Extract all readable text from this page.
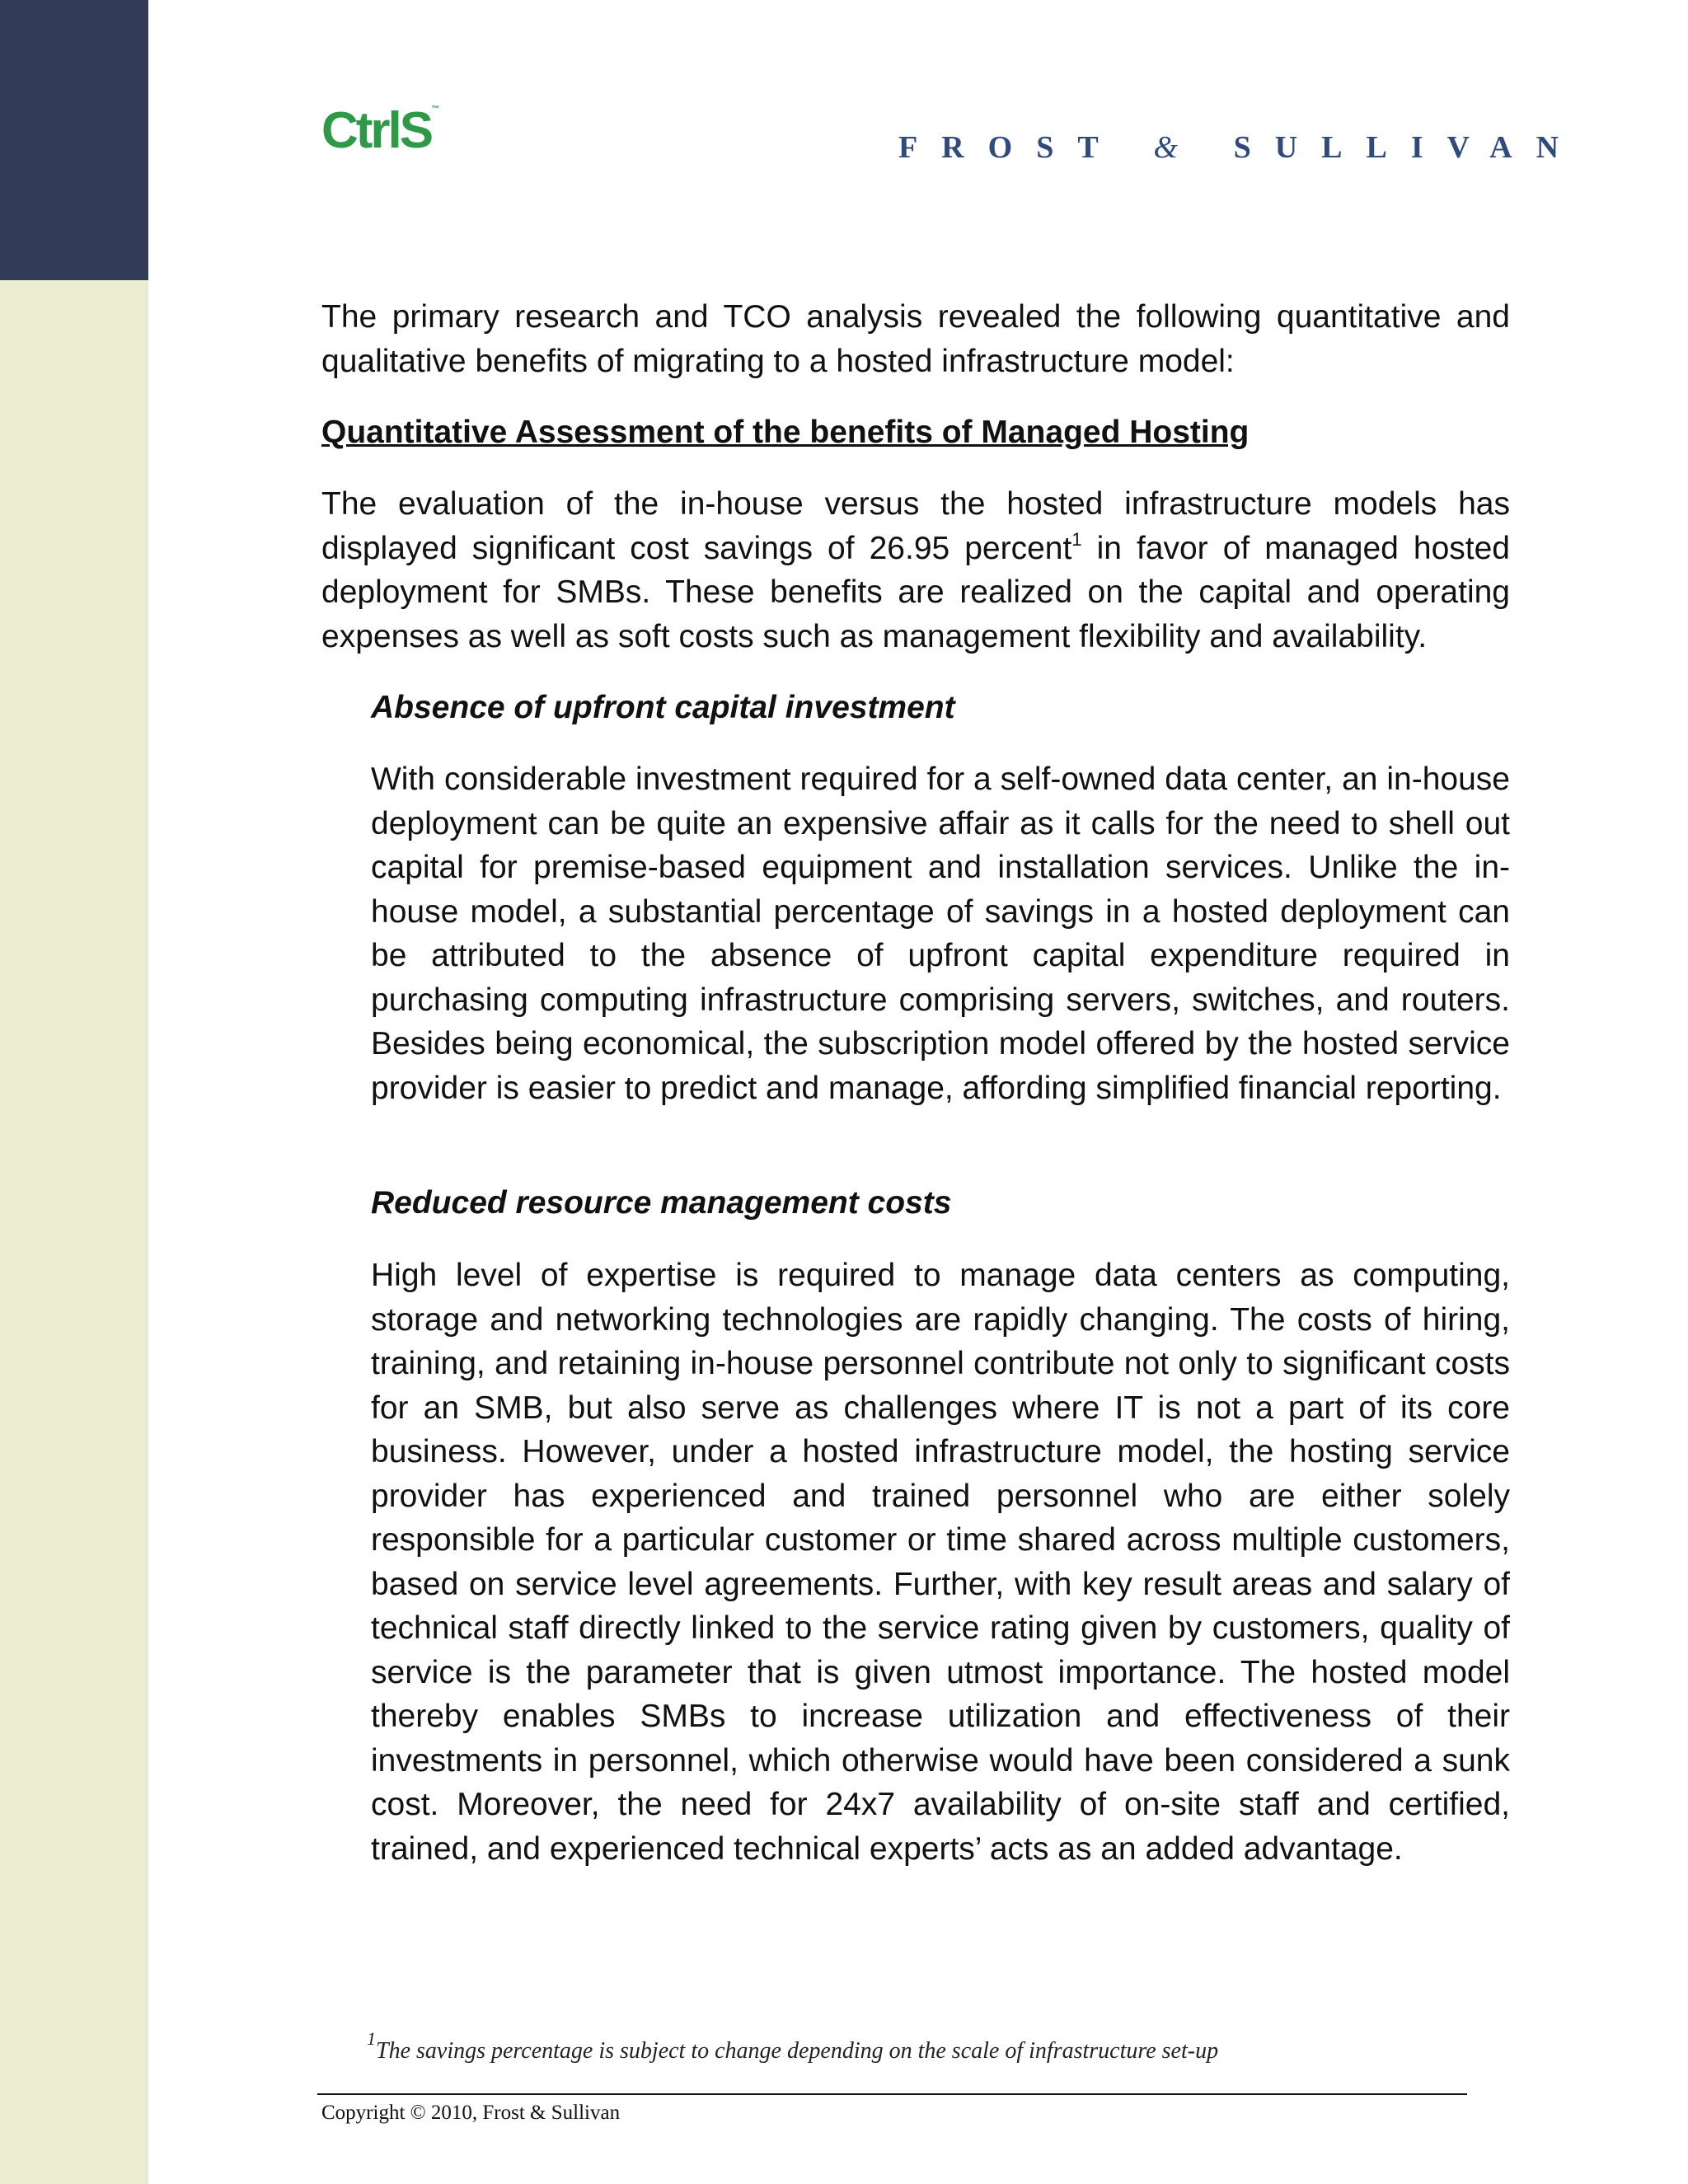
CtrlS™
FROST & SULLIVAN
The primary research and TCO analysis revealed the following quantitative and qualitative benefits of migrating to a hosted infrastructure model:
Quantitative Assessment of the benefits of Managed Hosting
The evaluation of the in-house versus the hosted infrastructure models has displayed significant cost savings of 26.95 percent$^1$ in favor of managed hosted deployment for SMBs. These benefits are realized on the capital and operating expenses as well as soft costs such as management flexibility and availability.
Absence of upfront capital investment
With considerable investment required for a self-owned data center, an in-house deployment can be quite an expensive affair as it calls for the need to shell out capital for premise-based equipment and installation services. Unlike the in-house model, a substantial percentage of savings in a hosted deployment can be attributed to the absence of upfront capital expenditure required in purchasing computing infrastructure comprising servers, switches, and routers. Besides being economical, the subscription model offered by the hosted service provider is easier to predict and manage, affording simplified financial reporting.
Reduced resource management costs
High level of expertise is required to manage data centers as computing, storage and networking technologies are rapidly changing. The costs of hiring, training, and retaining in-house personnel contribute not only to significant costs for an SMB, but also serve as challenges where IT is not a part of its core business. However, under a hosted infrastructure model, the hosting service provider has experienced and trained personnel who are either solely responsible for a particular customer or time shared across multiple customers, based on service level agreements. Further, with key result areas and salary of technical staff directly linked to the service rating given by customers, quality of service is the parameter that is given utmost importance. The hosted model thereby enables SMBs to increase utilization and effectiveness of their investments in personnel, which otherwise would have been considered a sunk cost. Moreover, the need for 24x7 availability of on-site staff and certified, trained, and experienced technical experts’ acts as an added advantage.
$^1$The savings percentage is subject to change depending on the scale of infrastructure set-up
Copyright © 2010, Frost & Sullivan
